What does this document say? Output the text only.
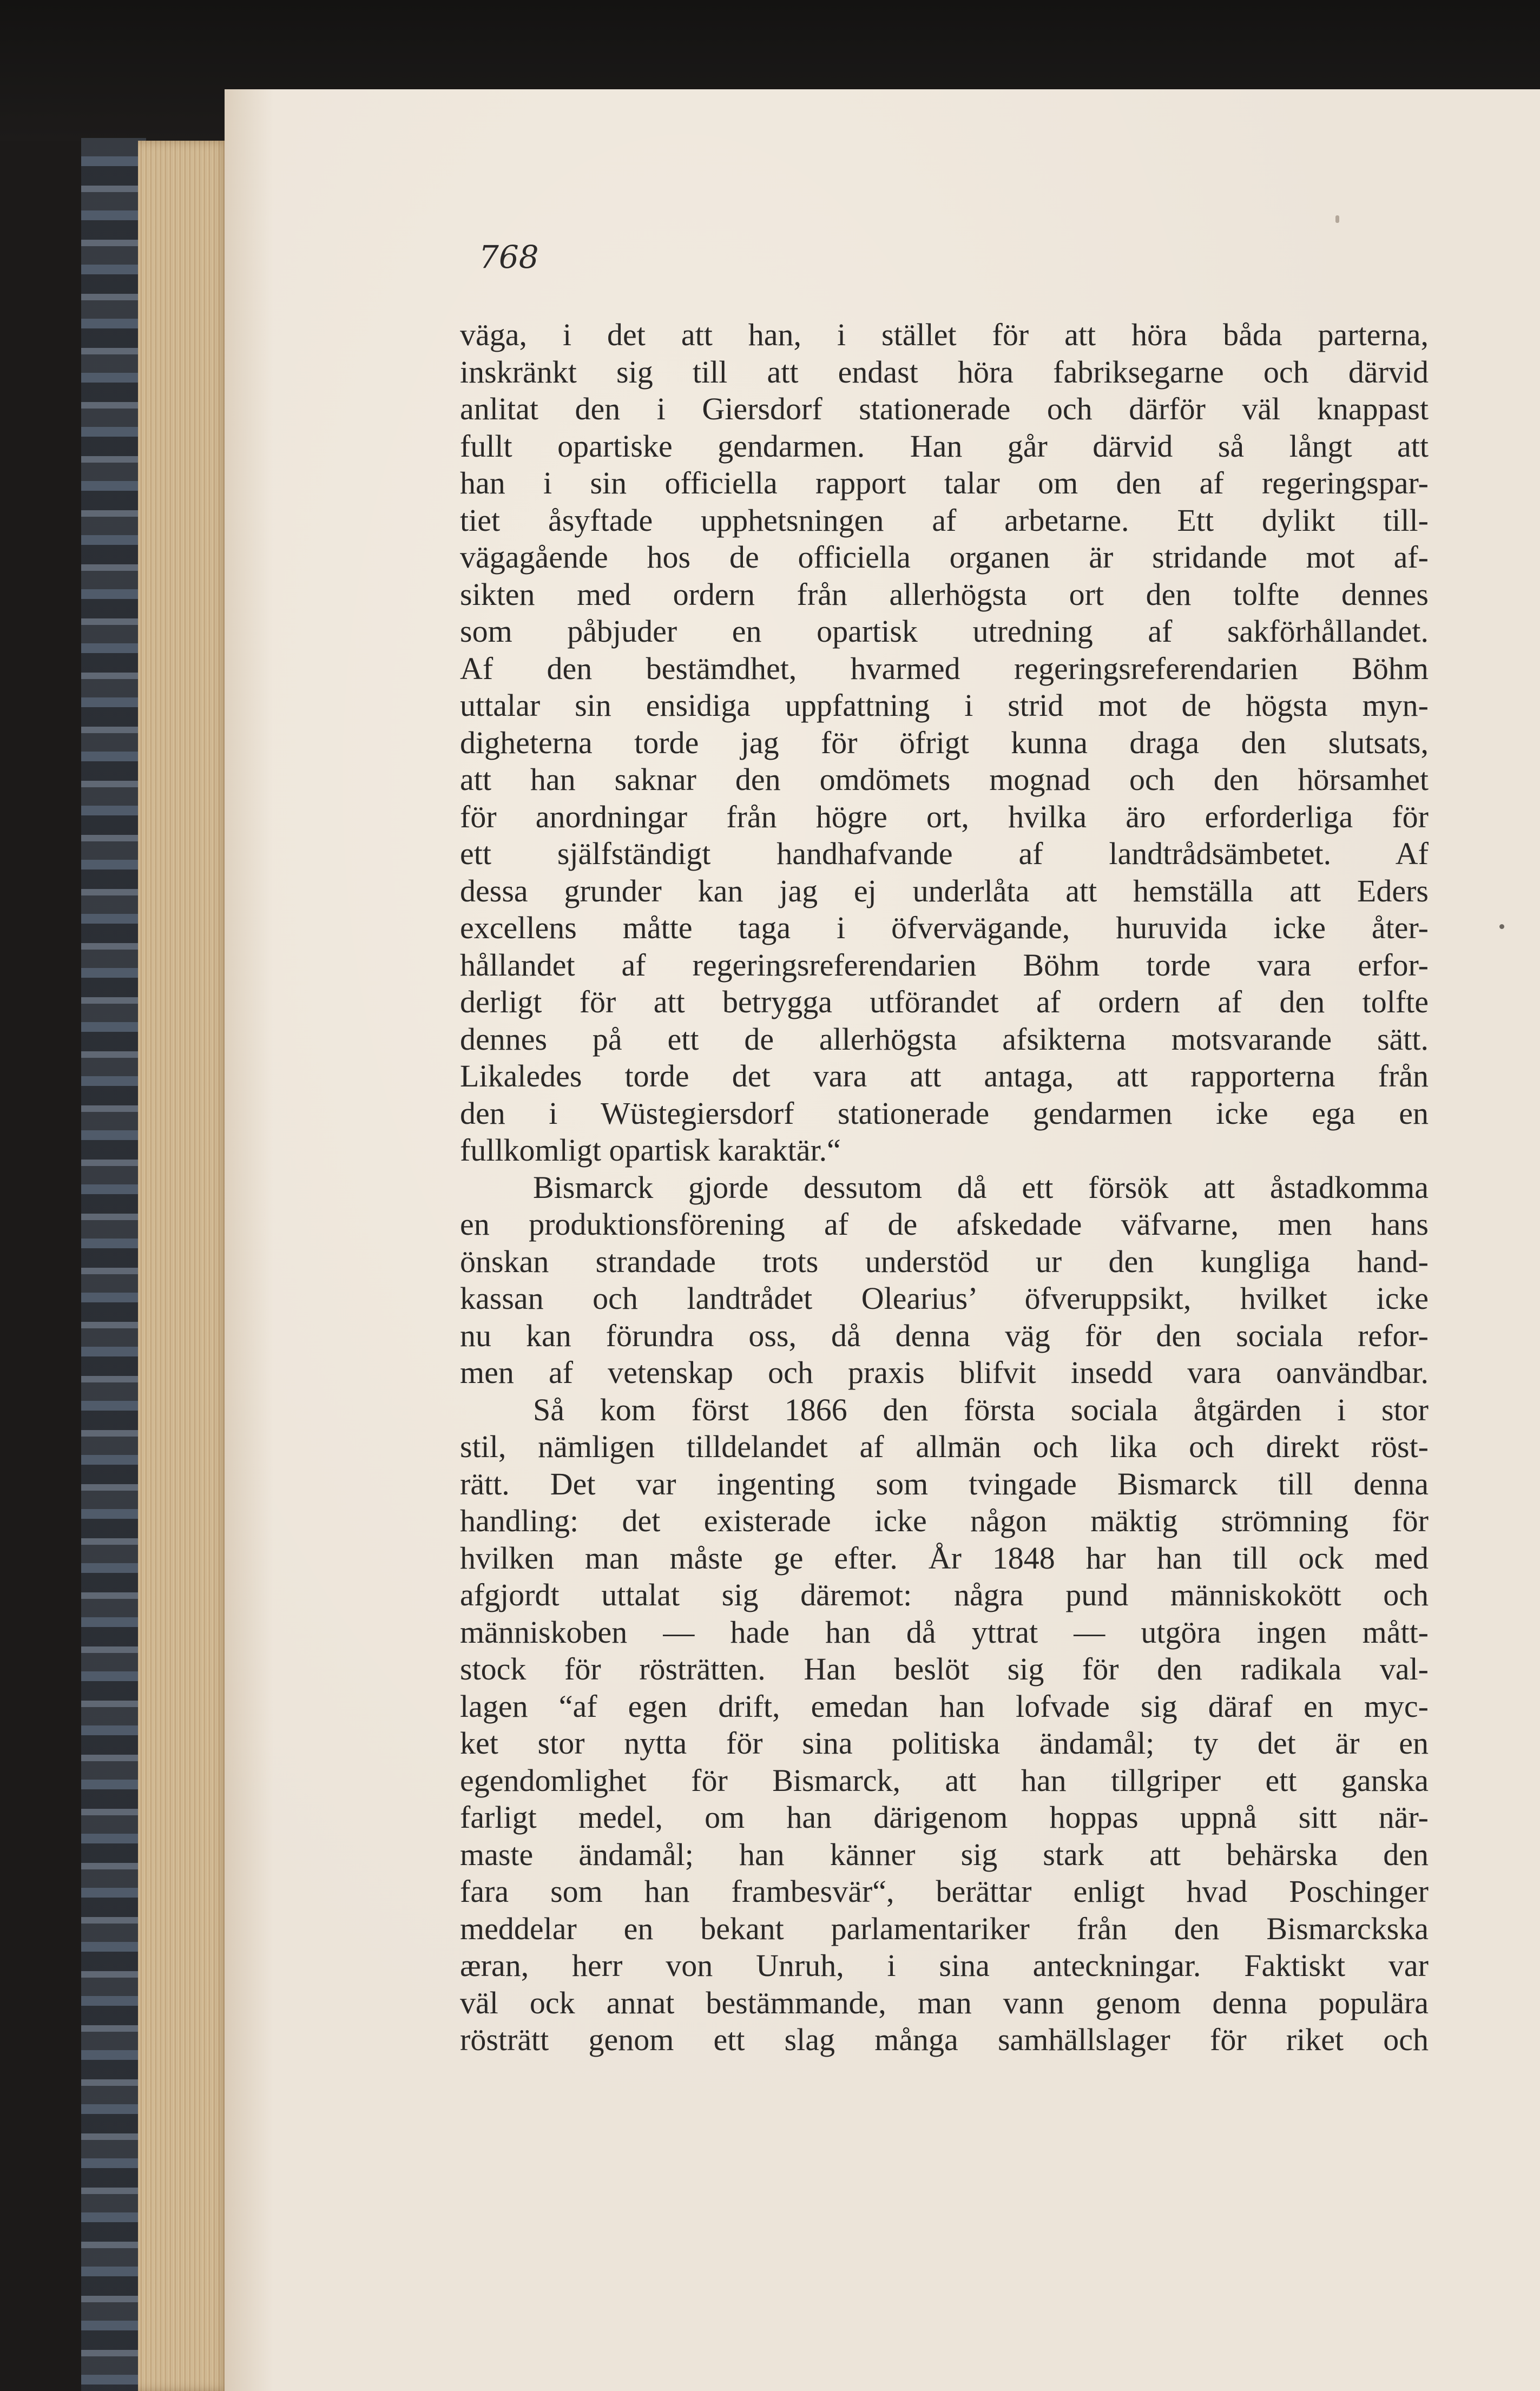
768

väga, i det att han, i stället för att höra båda parterna,
inskränkt sig till att endast höra fabriksegarne och därvid
anlitat den i Giersdorf stationerade och därför väl knappast
fullt opartiske gendarmen. Han går därvid så långt att
han i sin officiella rapport talar om den af regeringspar-
tiet åsyftade upphetsningen af arbetarne. Ett dylikt till-
vägagående hos de officiella organen är stridande mot af-
sikten med ordern från allerhögsta ort den tolfte dennes
som påbjuder en opartisk utredning af sakförhållandet.
Af den bestämdhet, hvarmed regeringsreferendarien Böhm
uttalar sin ensidiga uppfattning i strid mot de högsta myn-
digheterna torde jag för öfrigt kunna draga den slutsats,
att han saknar den omdömets mognad och den hörsamhet
för anordningar från högre ort, hvilka äro erforderliga för
ett själfständigt handhafvande af landtrådsämbetet. Af
dessa grunder kan jag ej underlåta att hemställa att Eders
excellens måtte taga i öfvervägande, huruvida icke åter-
hållandet af regeringsreferendarien Böhm torde vara erfor-
derligt för att betrygga utförandet af ordern af den tolfte
dennes på ett de allerhögsta afsikterna motsvarande sätt.
Likaledes torde det vara att antaga, att rapporterna från
den i Wüstegiersdorf stationerade gendarmen icke ega en
fullkomligt opartisk karaktär.“
Bismarck gjorde dessutom då ett försök att åstadkomma
en produktionsförening af de afskedade väfvarne, men hans
önskan strandade trots understöd ur den kungliga hand-
kassan och landtrådet Olearius’ öfveruppsikt, hvilket icke
nu kan förundra oss, då denna väg för den sociala refor-
men af vetenskap och praxis blifvit insedd vara oanvändbar.
Så kom först 1866 den första sociala åtgärden i stor
stil, nämligen tilldelandet af allmän och lika och direkt röst-
rätt. Det var ingenting som tvingade Bismarck till denna
handling: det existerade icke någon mäktig strömning för
hvilken man måste ge efter. År 1848 har han till ock med
afgjordt uttalat sig däremot: några pund människokött och
människoben — hade han då yttrat — utgöra ingen mått-
stock för rösträtten. Han beslöt sig för den radikala val-
lagen “af egen drift, emedan han lofvade sig däraf en myc-
ket stor nytta för sina politiska ändamål; ty det är en
egendomlighet för Bismarck, att han tillgriper ett ganska
farligt medel, om han därigenom hoppas uppnå sitt när-
maste ändamål; han känner sig stark att behärska den
fara som han frambesvär“, berättar enligt hvad Poschinger
meddelar en bekant parlamentariker från den Bismarckska
æran, herr von Unruh, i sina anteckningar. Faktiskt var
väl ock annat bestämmande, man vann genom denna populära
rösträtt genom ett slag många samhällslager för riket och
